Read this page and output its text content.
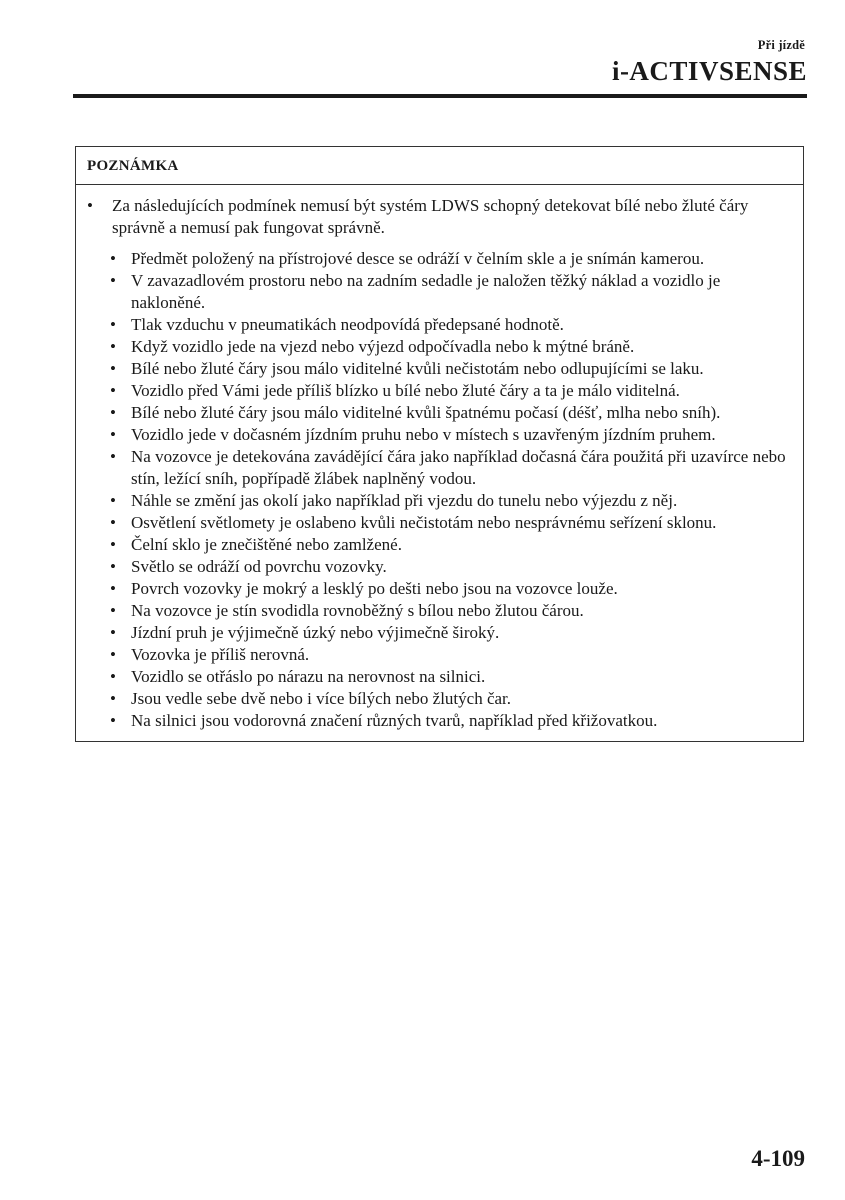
Při jízdě
i-ACTIVSENSE
POZNÁMKA
• Za následujících podmínek nemusí být systém LDWS schopný detekovat bílé nebo žluté čáry správně a nemusí pak fungovat správně.
• Předmět položený na přístrojové desce se odráží v čelním skle a je snímán kamerou.
• V zavazadlovém prostoru nebo na zadním sedadle je naložen těžký náklad a vozidlo je nakloněné.
• Tlak vzduchu v pneumatikách neodpovídá předepsané hodnotě.
• Když vozidlo jede na vjezd nebo výjezd odpočívadla nebo k mýtné bráně.
• Bílé nebo žluté čáry jsou málo viditelné kvůli nečistotám nebo odlupujícími se laku.
• Vozidlo před Vámi jede příliš blízko u bílé nebo žluté čáry a ta je málo viditelná.
• Bílé nebo žluté čáry jsou málo viditelné kvůli špatnému počasí (déšť, mlha nebo sníh).
• Vozidlo jede v dočasném jízdním pruhu nebo v místech s uzavřeným jízdním pruhem.
• Na vozovce je detekována zavádějící čára jako například dočasná čára použitá při uzavírce nebo stín, ležící sníh, popřípadě žlábek naplněný vodou.
• Náhle se změní jas okolí jako například při vjezdu do tunelu nebo výjezdu z něj.
• Osvětlení světlomety je oslabeno kvůli nečistotám nebo nesprávnému seřízení sklonu.
• Čelní sklo je znečištěné nebo zamlžené.
• Světlo se odráží od povrchu vozovky.
• Povrch vozovky je mokrý a lesklý po dešti nebo jsou na vozovce louže.
• Na vozovce je stín svodidla rovnoběžný s bílou nebo žlutou čárou.
• Jízdní pruh je výjimečně úzký nebo výjimečně široký.
• Vozovka je příliš nerovná.
• Vozidlo se otřáslo po nárazu na nerovnost na silnici.
• Jsou vedle sebe dvě nebo i více bílých nebo žlutých čar.
• Na silnici jsou vodorovná značení různých tvarů, například před křižovatkou.
4-109
